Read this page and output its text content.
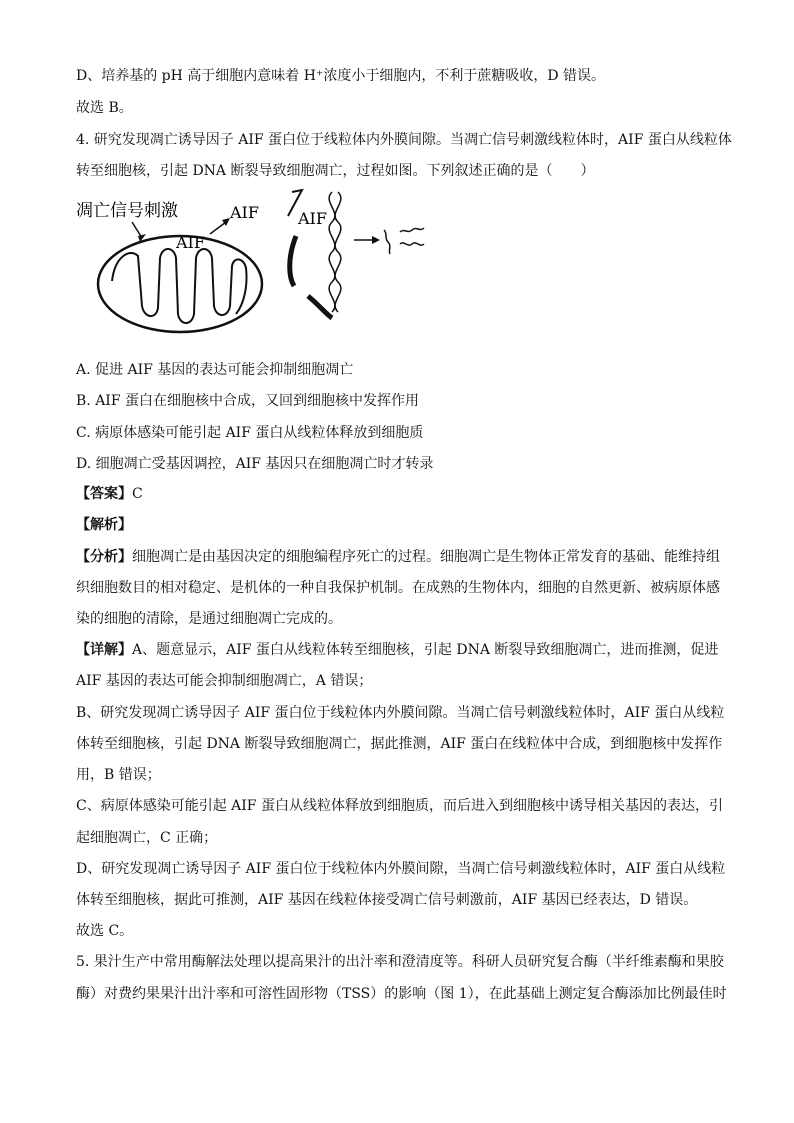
D、培养基的 pH 高于细胞内意味着 H⁺浓度小于细胞内，不利于蔗糖吸收，D 错误。
故选 B。
4. 研究发现凋亡诱导因子 AIF 蛋白位于线粒体内外膜间隙。当凋亡信号刺激线粒体时，AIF 蛋白从线粒体
转至细胞核，引起 DNA 断裂导致细胞凋亡，过程如图。下列叙述正确的是（　　）
凋亡信号刺激
AIF
AIF AIF
A. 促进 AIF 基因的表达可能会抑制细胞凋亡
B. AIF 蛋白在细胞核中合成，又回到细胞核中发挥作用
C. 病原体感染可能引起 AIF 蛋白从线粒体释放到细胞质
D. 细胞凋亡受基因调控，AIF 基因只在细胞凋亡时才转录
【答案】C
【解析】
【分析】细胞凋亡是由基因决定的细胞编程序死亡的过程。细胞凋亡是生物体正常发育的基础、能维持组
织细胞数目的相对稳定、是机体的一种自我保护机制。在成熟的生物体内，细胞的自然更新、被病原体感
染的细胞的清除，是通过细胞凋亡完成的。
【详解】A、题意显示，AIF 蛋白从线粒体转至细胞核，引起 DNA 断裂导致细胞凋亡，进而推测，促进
AIF 基因的表达可能会抑制细胞凋亡，A 错误；
B、研究发现凋亡诱导因子 AIF 蛋白位于线粒体内外膜间隙。当凋亡信号刺激线粒体时，AIF 蛋白从线粒
体转至细胞核，引起 DNA 断裂导致细胞凋亡，据此推测，AIF 蛋白在线粒体中合成，到细胞核中发挥作
用，B 错误；
C、病原体感染可能引起 AIF 蛋白从线粒体释放到细胞质，而后进入到细胞核中诱导相关基因的表达，引
起细胞凋亡，C 正确；
D、研究发现凋亡诱导因子 AIF 蛋白位于线粒体内外膜间隙，当凋亡信号刺激线粒体时，AIF 蛋白从线粒
体转至细胞核，据此可推测，AIF 基因在线粒体接受凋亡信号刺激前，AIF 基因已经表达，D 错误。
故选 C。
5. 果汁生产中常用酶解法处理以提高果汁的出汁率和澄清度等。科研人员研究复合酶（半纤维素酶和果胶
酶）对费约果果汁出汁率和可溶性固形物（TSS）的影响（图 1），在此基础上测定复合酶添加比例最佳时
